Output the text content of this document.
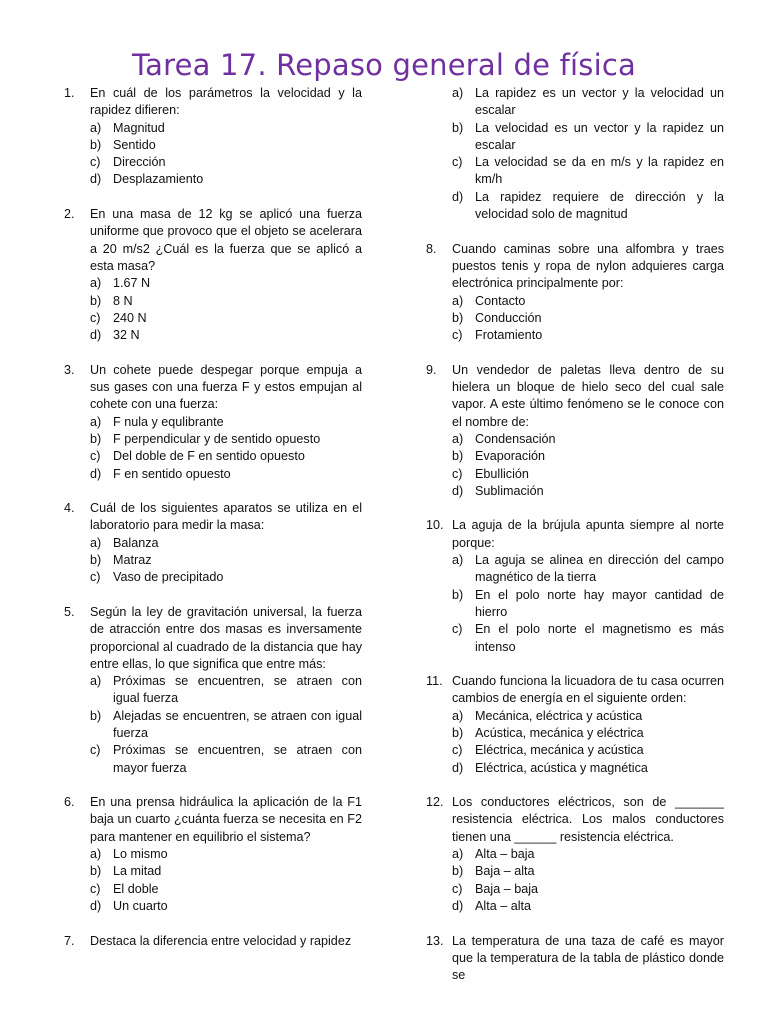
Tarea 17. Repaso general de física
1.	En cuál de los parámetros la velocidad y la rapidez difieren:
a) Magnitud
b) Sentido
c) Dirección
d) Desplazamiento
2.	En una masa de 12 kg se aplicó una fuerza uniforme que provoco que el objeto se acelerara a 20 m/s2 ¿Cuál es la fuerza que se aplicó a esta masa?
a) 1.67 N
b) 8 N
c) 240 N
d) 32 N
3.	Un cohete puede despegar porque empuja a sus gases con una fuerza F y estos empujan al cohete con una fuerza:
a) F nula y equlibrante
b) F perpendicular y de sentido opuesto
c) Del doble de F en sentido opuesto
d) F en sentido opuesto
4.	Cuál de los siguientes aparatos se utiliza en el laboratorio para medir la masa:
a) Balanza
b) Matraz
c) Vaso de precipitado
5.	Según la ley de gravitación universal, la fuerza de atracción entre dos masas es inversamente proporcional al cuadrado de la distancia que hay entre ellas, lo que significa que entre más:
a) Próximas se encuentren, se atraen con igual fuerza
b) Alejadas se encuentren, se atraen con igual fuerza
c) Próximas se encuentren, se atraen con mayor fuerza
6.	En una prensa hidráulica la aplicación de la F1 baja un cuarto ¿cuánta fuerza se necesita en F2 para mantener en equilibrio el sistema?
a) Lo mismo
b) La mitad
c) El doble
d) Un cuarto
7.	Destaca la diferencia entre velocidad y rapidez
a) La rapidez es un vector y la velocidad un escalar
b) La velocidad es un vector y la rapidez un escalar
c) La velocidad se da en m/s y la rapidez en km/h
d) La rapidez requiere de dirección y la velocidad solo de magnitud
8.	Cuando caminas sobre una alfombra y traes puestos tenis y ropa de nylon adquieres carga electrónica principalmente por:
a) Contacto
b) Conducción
c) Frotamiento
9.	Un vendedor de paletas lleva dentro de su hielera un bloque de hielo seco del cual sale vapor. A este último fenómeno se le conoce con el nombre de:
a) Condensación
b) Evaporación
c) Ebullición
d) Sublimación
10. La aguja de la brújula apunta siempre al norte porque:
a) La aguja se alinea en dirección del campo magnético de la tierra
b) En el polo norte hay mayor cantidad de hierro
c) En el polo norte el magnetismo es más intenso
11. Cuando funciona la licuadora de tu casa ocurren cambios de energía en el siguiente orden:
a) Mecánica, eléctrica y acústica
b) Acústica, mecánica y eléctrica
c) Eléctrica, mecánica y acústica
d) Eléctrica, acústica y magnética
12. Los conductores eléctricos, son de _______ resistencia eléctrica. Los malos conductores tienen una ______ resistencia eléctrica.
a) Alta – baja
b) Baja – alta
c) Baja – baja
d) Alta – alta
13. La temperatura de una taza de café es mayor que la temperatura de la tabla de plástico donde se
